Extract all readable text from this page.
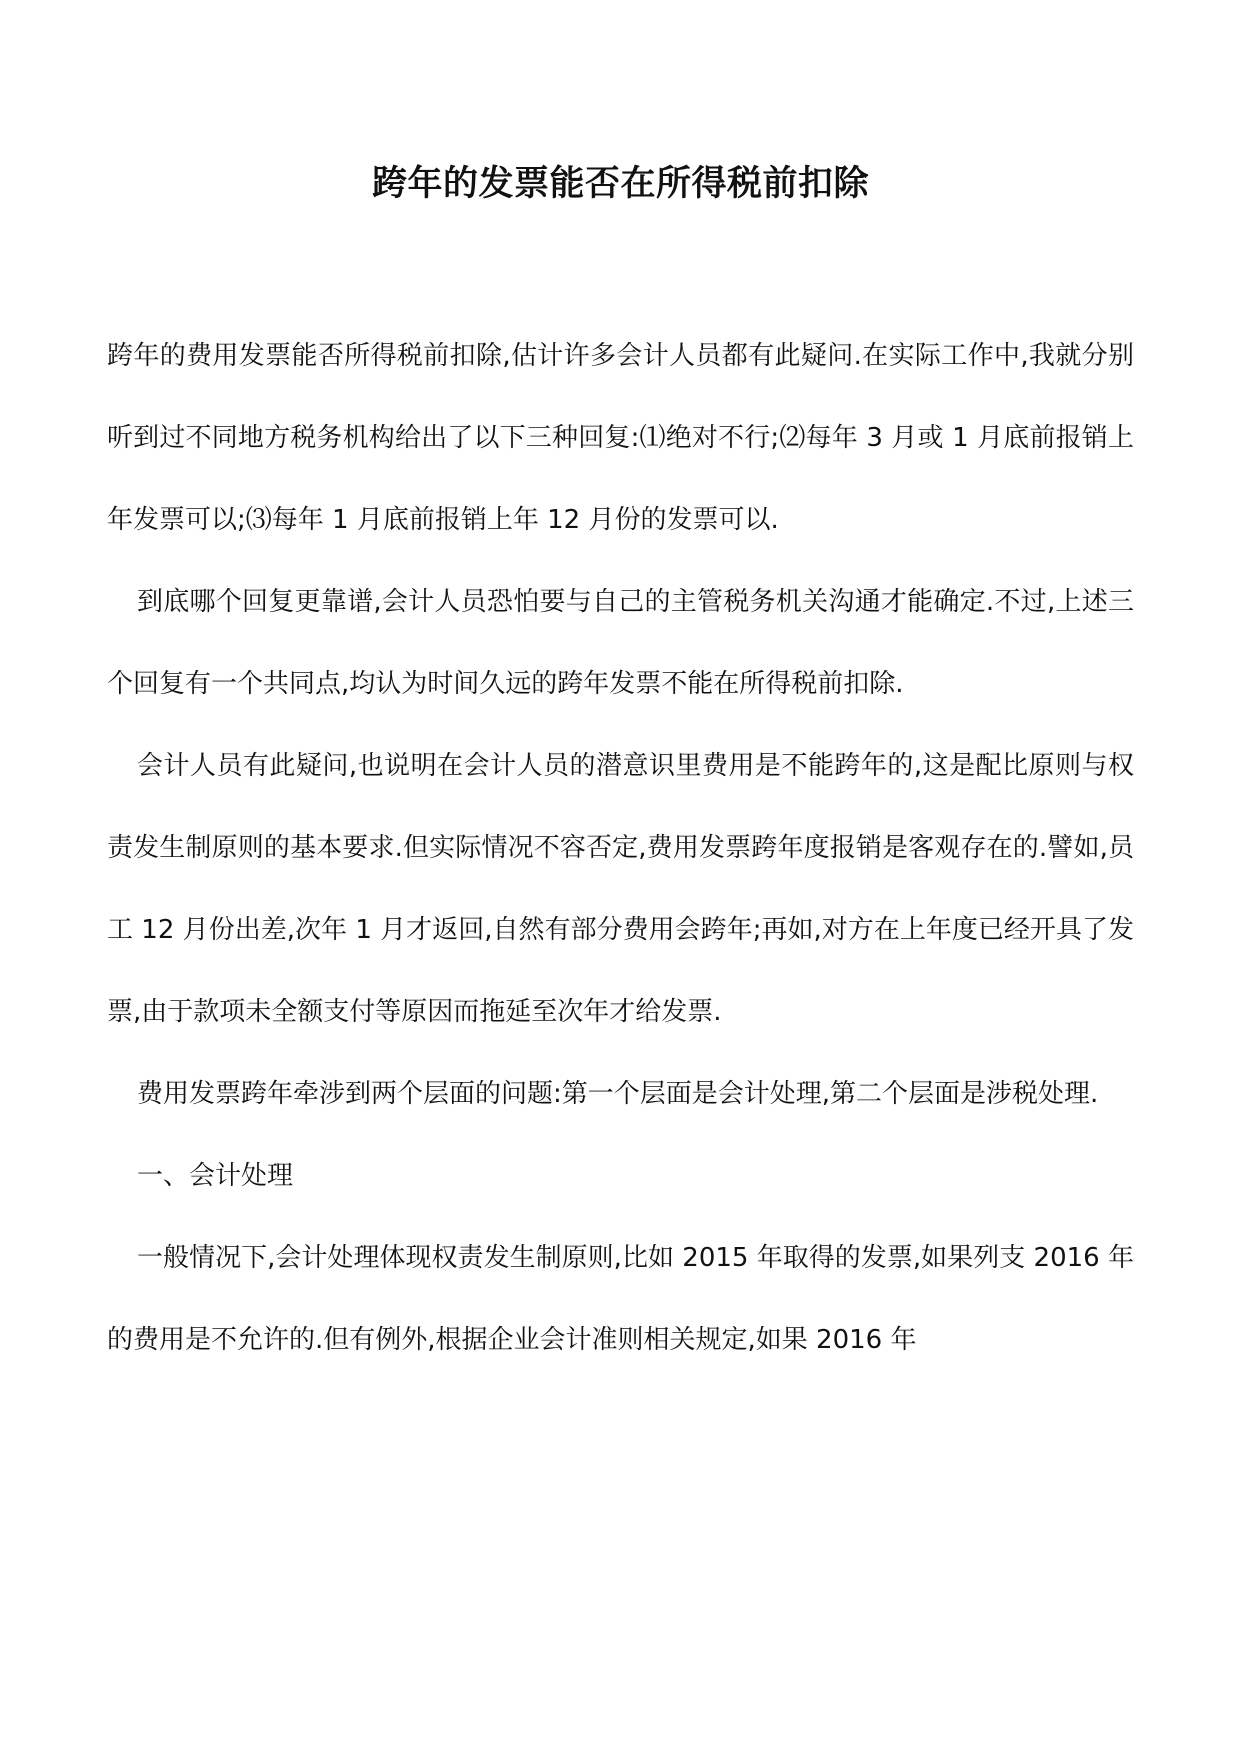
跨年的发票能否在所得税前扣除

跨年的费用发票能否所得税前扣除,估计许多会计人员都有此疑问.在实际工作中,我就分别听到过不同地方税务机构给出了以下三种回复:⑴绝对不行;⑵每年 3 月或 1 月底前报销上年发票可以;⑶每年 1 月底前报销上年 12 月份的发票可以.

到底哪个回复更靠谱,会计人员恐怕要与自己的主管税务机关沟通才能确定.不过,上述三个回复有一个共同点,均认为时间久远的跨年发票不能在所得税前扣除.

会计人员有此疑问,也说明在会计人员的潜意识里费用是不能跨年的,这是配比原则与权责发生制原则的基本要求.但实际情况不容否定,费用发票跨年度报销是客观存在的.譬如,员工 12 月份出差,次年 1 月才返回,自然有部分费用会跨年;再如,对方在上年度已经开具了发票,由于款项未全额支付等原因而拖延至次年才给发票.

费用发票跨年牵涉到两个层面的问题:第一个层面是会计处理,第二个层面是涉税处理.

一、会计处理

一般情况下,会计处理体现权责发生制原则,比如 2015 年取得的发票,如果列支 2016 年的费用是不允许的.但有例外,根据企业会计准则相关规定,如果 2016 年
